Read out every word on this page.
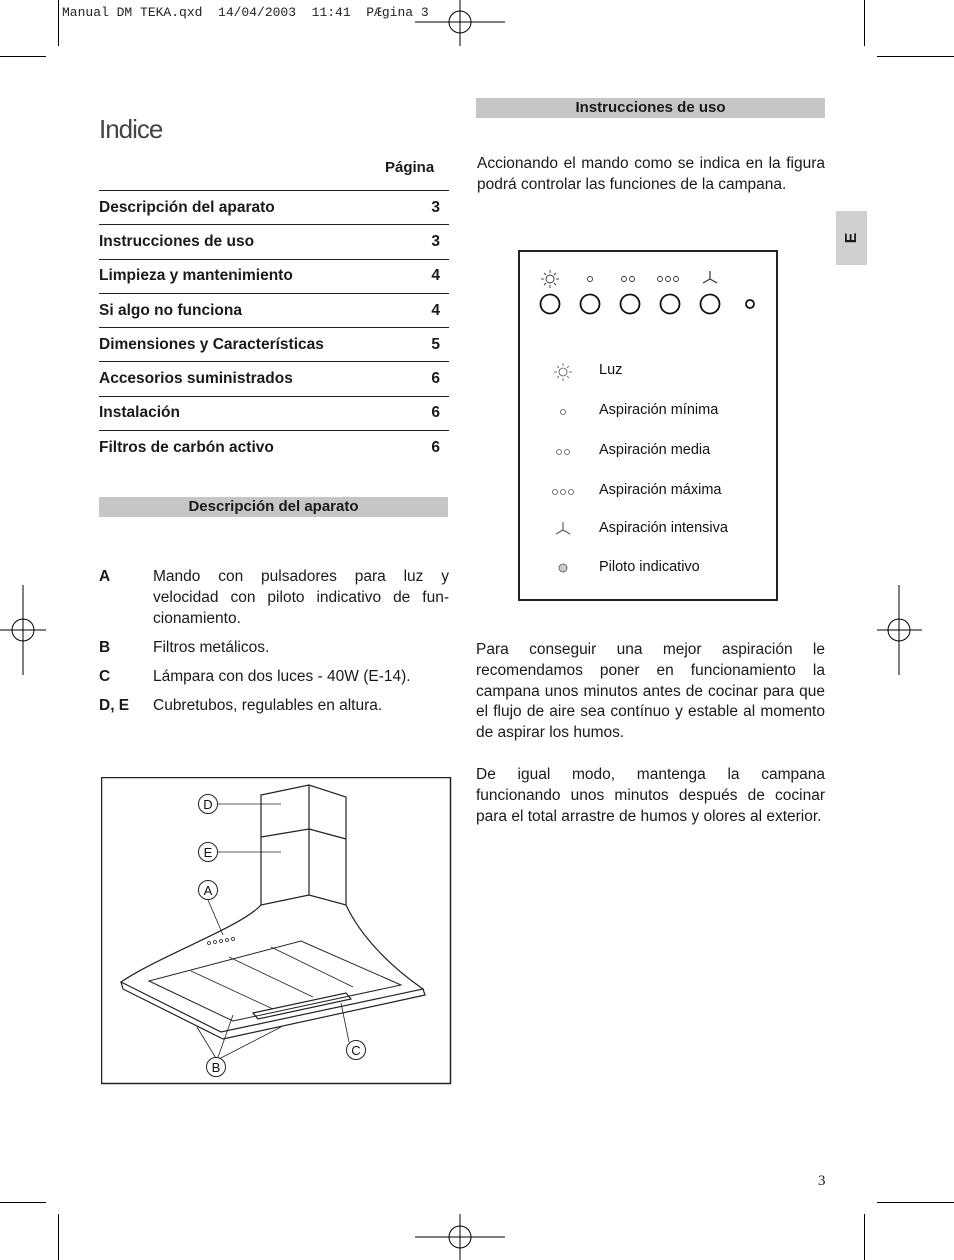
Manual DM TEKA.qxd  14/04/2003  11:41  PÆgina 3
Indice
Página
Descripción del aparato	3
Instrucciones de uso	3
Limpieza y mantenimiento	4
Si algo no funciona	4
Dimensiones y Características	5
Accesorios suministrados	6
Instalación	6
Filtros de carbón activo	6
Descripción del aparato
A	Mando con pulsadores para luz y velocidad con piloto indicativo de fun-cionamiento.
B	Filtros metálicos.
C	Lámpara con dos luces - 40W (E-14).
D, E	Cubretubos, regulables en altura.
D
E
A
B
C
Instrucciones de uso
Accionando el mando como se indica en la figura podrá controlar las funciones de la campana.
Luz
Aspiración mínima
Aspiración media
Aspiración máxima
Aspiración intensiva
Piloto indicativo
Para conseguir una mejor aspiración le recomendamos poner en funcionamiento la campana unos minutos antes de cocinar para que el flujo de aire sea contínuo y estable al momento de aspirar los humos.
De igual modo, mantenga la campana funcionando unos minutos después de cocinar para el total arrastre de humos y olores al exterior.
E
3
